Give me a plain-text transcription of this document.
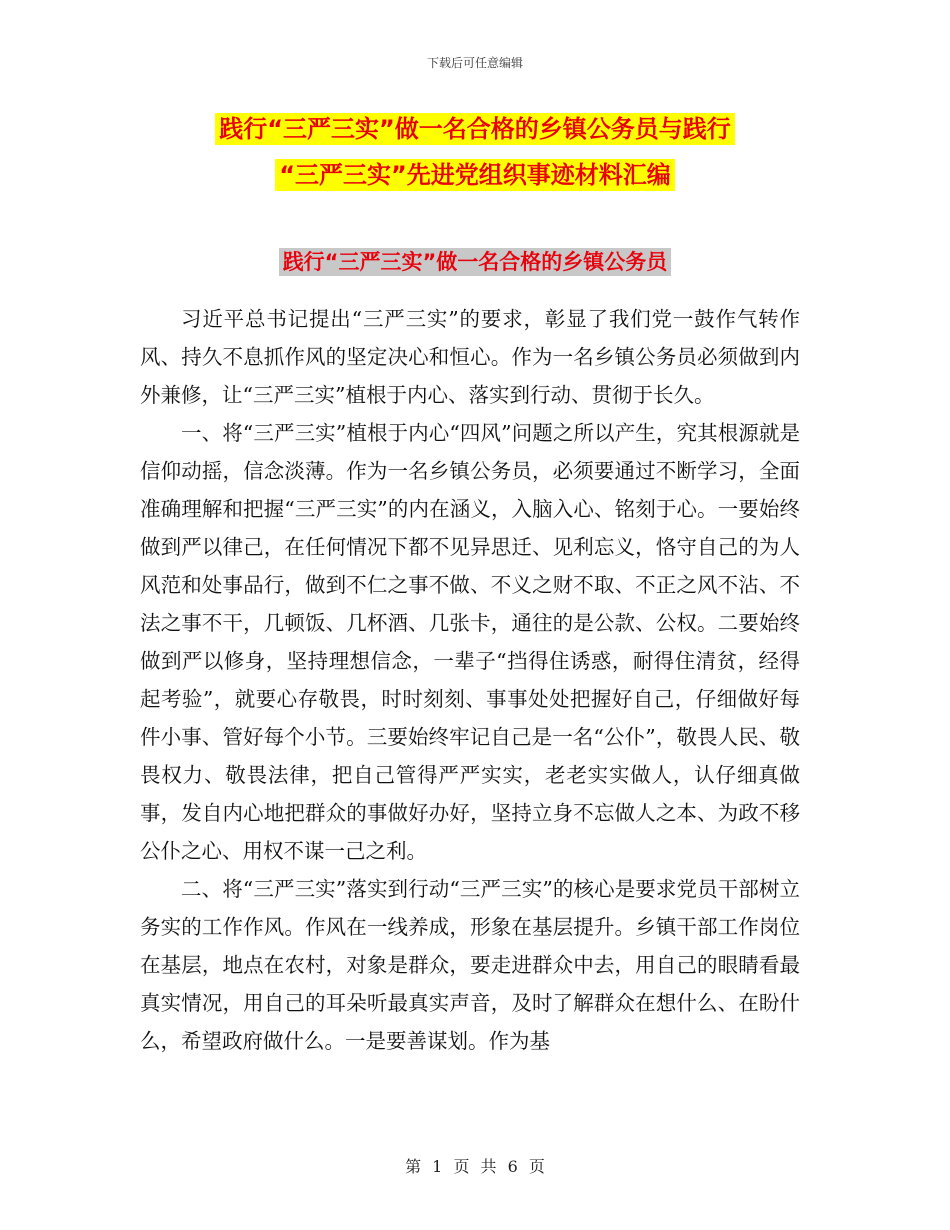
下载后可任意编辑
践行“三严三实”做一名合格的乡镇公务员与践行
“三严三实”先进党组织事迹材料汇编
践行“三严三实”做一名合格的乡镇公务员

习近平总书记提出“三严三实”的要求，彰显了我们党一鼓作气转作风、持久不息抓作风的坚定决心和恒心。作为一名乡镇公务员必须做到内外兼修，让“三严三实”植根于内心、落实到行动、贯彻于长久。

一、将“三严三实”植根于内心“四风”问题之所以产生，究其根源就是信仰动摇，信念淡薄。作为一名乡镇公务员，必须要通过不断学习，全面准确理解和把握“三严三实”的内在涵义，入脑入心、铭刻于心。一要始终做到严以律己，在任何情况下都不见异思迁、见利忘义，恪守自己的为人风范和处事品行，做到不仁之事不做、不义之财不取、不正之风不沾、不法之事不干，几顿饭、几杯酒、几张卡，通往的是公款、公权。二要始终做到严以修身，坚持理想信念，一辈子“挡得住诱惑，耐得住清贫，经得起考验”，就要心存敬畏，时时刻刻、事事处处把握好自己，仔细做好每件小事、管好每个小节。三要始终牢记自己是一名“公仆”，敬畏人民、敬畏权力、敬畏法律，把自己管得严严实实，老老实实做人，认仔细真做事，发自内心地把群众的事做好办好，坚持立身不忘做人之本、为政不移公仆之心、用权不谋一己之利。

二、将“三严三实”落实到行动“三严三实”的核心是要求党员干部树立务实的工作作风。作风在一线养成，形象在基层提升。乡镇干部工作岗位在基层，地点在农村，对象是群众，要走进群众中去，用自己的眼睛看最真实情况，用自己的耳朵听最真实声音，及时了解群众在想什么、在盼什么，希望政府做什么。一是要善谋划。作为基

第 1 页 共 6 页
